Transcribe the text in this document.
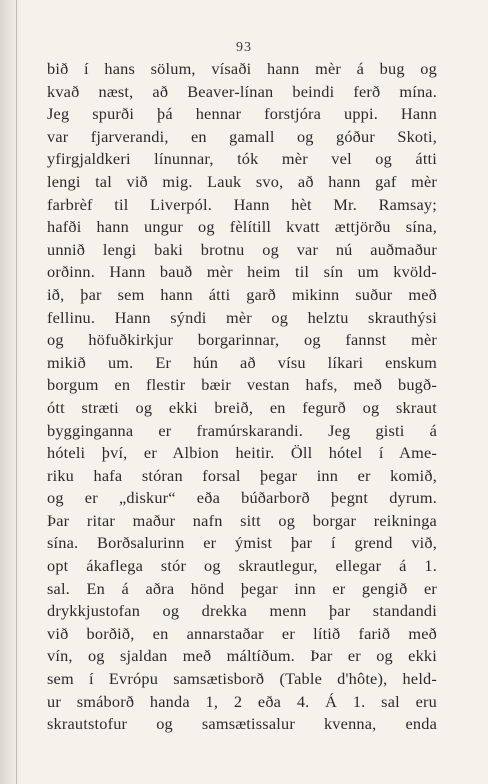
93
bið í hans sölum, vísaði hann mèr á bug og
kvað næst, að Beaver-línan beindi ferð mína.
Jeg spurði þá hennar forstjóra uppi. Hann
var fjarverandi, en gamall og góður Skoti,
yfirgjaldkeri línunnar, tók mèr vel og átti
lengi tal við mig. Lauk svo, að hann gaf mèr
farbrèf til Liverpól. Hann hèt Mr. Ramsay;
hafði hann ungur og fèlítill kvatt ættjörðu sína,
unnið lengi baki brotnu og var nú auðmaður
orðinn. Hann bauð mèr heim til sín um kvöld-
ið, þar sem hann átti garð mikinn suður með
fellinu. Hann sýndi mèr og helztu skrauthýsi
og höfuðkirkjur borgarinnar, og fannst mèr
mikið um. Er hún að vísu líkari enskum
borgum en flestir bæir vestan hafs, með bugð-
ótt stræti og ekki breið, en fegurð og skraut
bygginganna er framúrskarandi. Jeg gisti á
hóteli því, er Albion heitir. Öll hótel í Ame-
riku hafa stóran forsal þegar inn er komið,
og er „diskur“ eða búðarborð þegnt dyrum.
Þar ritar maður nafn sitt og borgar reikninga
sína. Borðsalurinn er ýmist þar í grend við,
opt ákaflega stór og skrautlegur, ellegar á 1.
sal. En á aðra hönd þegar inn er gengið er
drykkjustofan og drekka menn þar standandi
við borðið, en annarstaðar er lítið farið með
vín, og sjaldan með máltíðum. Þar er og ekki
sem í Evrópu samsætisborð (Table d'hôte), held-
ur smáborð handa 1, 2 eða 4. Á 1. sal eru
skrautstofur og samsætissalur kvenna, enda
